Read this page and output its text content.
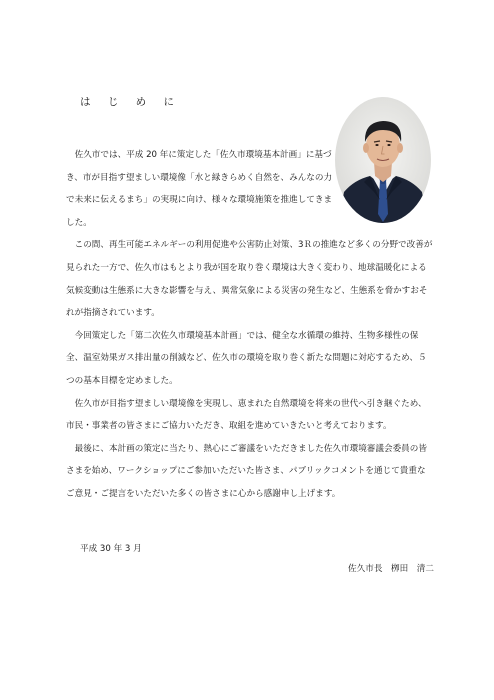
は じ め に

佐久市では、平成 20 年に策定した「佐久市環境基本計画」に基づき、市が目指す望ましい環境像「水と緑きらめく自然を、みんなの力で未来に伝えるまち」の実現に向け、様々な環境施策を推進してきました。

この間、再生可能エネルギーの利用促進や公害防止対策、3Ｒの推進など多くの分野で改善が見られた一方で、佐久市はもとより我が国を取り巻く環境は大きく変わり、地球温暖化による気候変動は生態系に大きな影響を与え、異常気象による災害の発生など、生態系を脅かすおそれが指摘されています。

今回策定した「第二次佐久市環境基本計画」では、健全な水循環の維持、生物多様性の保全、温室効果ガス排出量の削減など、佐久市の環境を取り巻く新たな問題に対応するため、５つの基本目標を定めました。

佐久市が目指す望ましい環境像を実現し、恵まれた自然環境を将来の世代へ引き継ぐため、市民・事業者の皆さまにご協力いただき、取組を進めていきたいと考えております。

最後に、本計画の策定に当たり、熱心にご審議をいただきました佐久市環境審議会委員の皆さまを始め、ワークショップにご参加いただいた皆さま、パブリックコメントを通じて貴重なご意見・ご提言をいただいた多くの皆さまに心から感謝申し上げます。

平成 30 年 3 月
佐久市長　栁田　清二
